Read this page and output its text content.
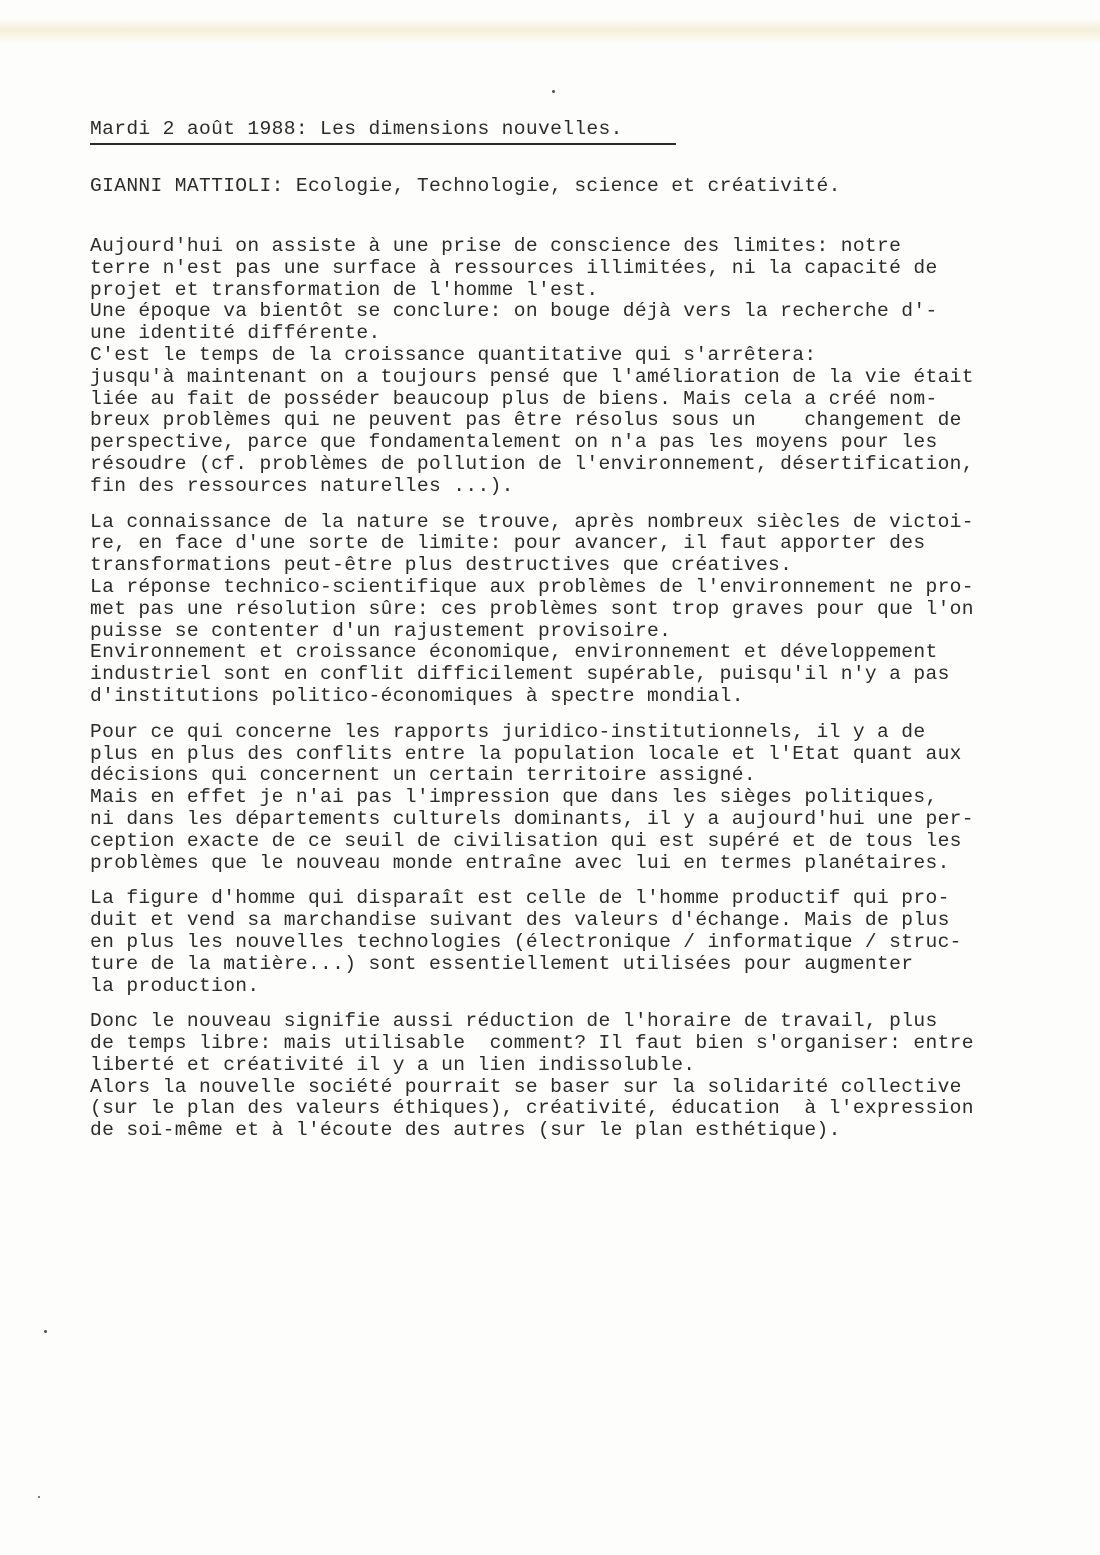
Mardi 2 août 1988: Les dimensions nouvelles.
GIANNI MATTIOLI: Ecologie, Technologie, science et créativité.
Aujourd'hui on assiste à une prise de conscience des limites: notre
terre n'est pas une surface à ressources illimitées, ni la capacité de
projet et transformation de l'homme l'est.
Une époque va bientôt se conclure: on bouge déjà vers la recherche d'-
une identité différente.
C'est le temps de la croissance quantitative qui s'arrêtera:
jusqu'à maintenant on a toujours pensé que l'amélioration de la vie était
liée au fait de posséder beaucoup plus de biens. Mais cela a créé nom-
breux problèmes qui ne peuvent pas être résolus sous un    changement de
perspective, parce que fondamentalement on n'a pas les moyens pour les
résoudre (cf. problèmes de pollution de l'environnement, désertification,
fin des ressources naturelles ...).
La connaissance de la nature se trouve, après nombreux siècles de victoi-
re, en face d'une sorte de limite: pour avancer, il faut apporter des
transformations peut-être plus destructives que créatives.
La réponse technico-scientifique aux problèmes de l'environnement ne pro-
met pas une résolution sûre: ces problèmes sont trop graves pour que l'on
puisse se contenter d'un rajustement provisoire.
Environnement et croissance économique, environnement et développement
industriel sont en conflit difficilement supérable, puisqu'il n'y a pas
d'institutions politico-économiques à spectre mondial.
Pour ce qui concerne les rapports juridico-institutionnels, il y a de
plus en plus des conflits entre la population locale et l'Etat quant aux
décisions qui concernent un certain territoire assigné.
Mais en effet je n'ai pas l'impression que dans les sièges politiques,
ni dans les départements culturels dominants, il y a aujourd'hui une per-
ception exacte de ce seuil de civilisation qui est supéré et de tous les
problèmes que le nouveau monde entraîne avec lui en termes planétaires.
La figure d'homme qui disparaît est celle de l'homme productif qui pro-
duit et vend sa marchandise suivant des valeurs d'échange. Mais de plus
en plus les nouvelles technologies (électronique / informatique / struc-
ture de la matière...) sont essentiellement utilisées pour augmenter
la production.
Donc le nouveau signifie aussi réduction de l'horaire de travail, plus
de temps libre: mais utilisable  comment? Il faut bien s'organiser: entre
liberté et créativité il y a un lien indissoluble.
Alors la nouvelle société pourrait se baser sur la solidarité collective
(sur le plan des valeurs éthiques), créativité, éducation  à l'expression
de soi-même et à l'écoute des autres (sur le plan esthétique).
